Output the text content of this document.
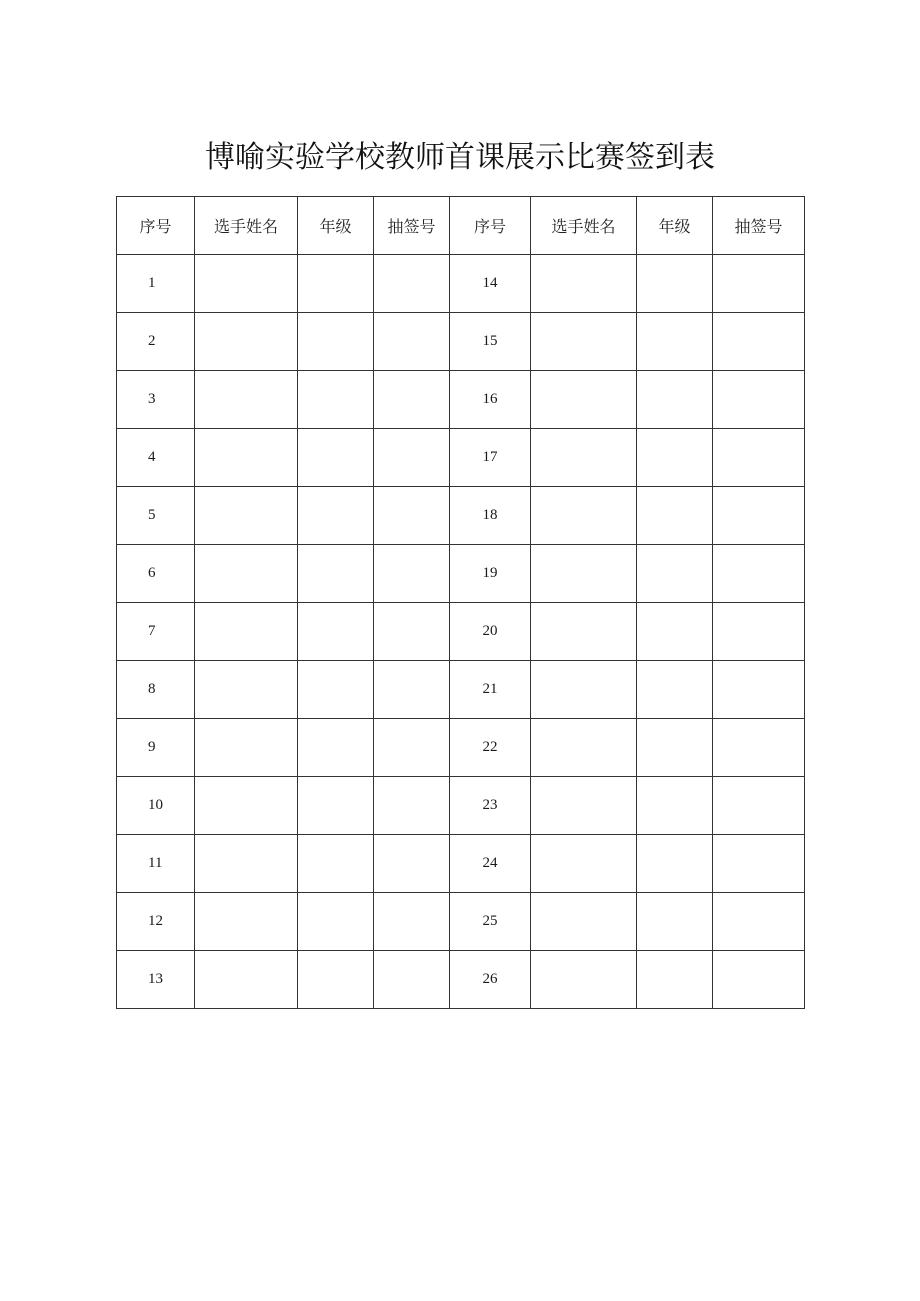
博喻实验学校教师首课展示比赛签到表
序号	选手姓名	年级	抽签号	序号	选手姓名	年级	抽签号
1				14			
2				15			
3				16			
4				17			
5				18			
6				19			
7				20			
8				21			
9				22			
10				23			
11				24			
12				25			
13				26			
